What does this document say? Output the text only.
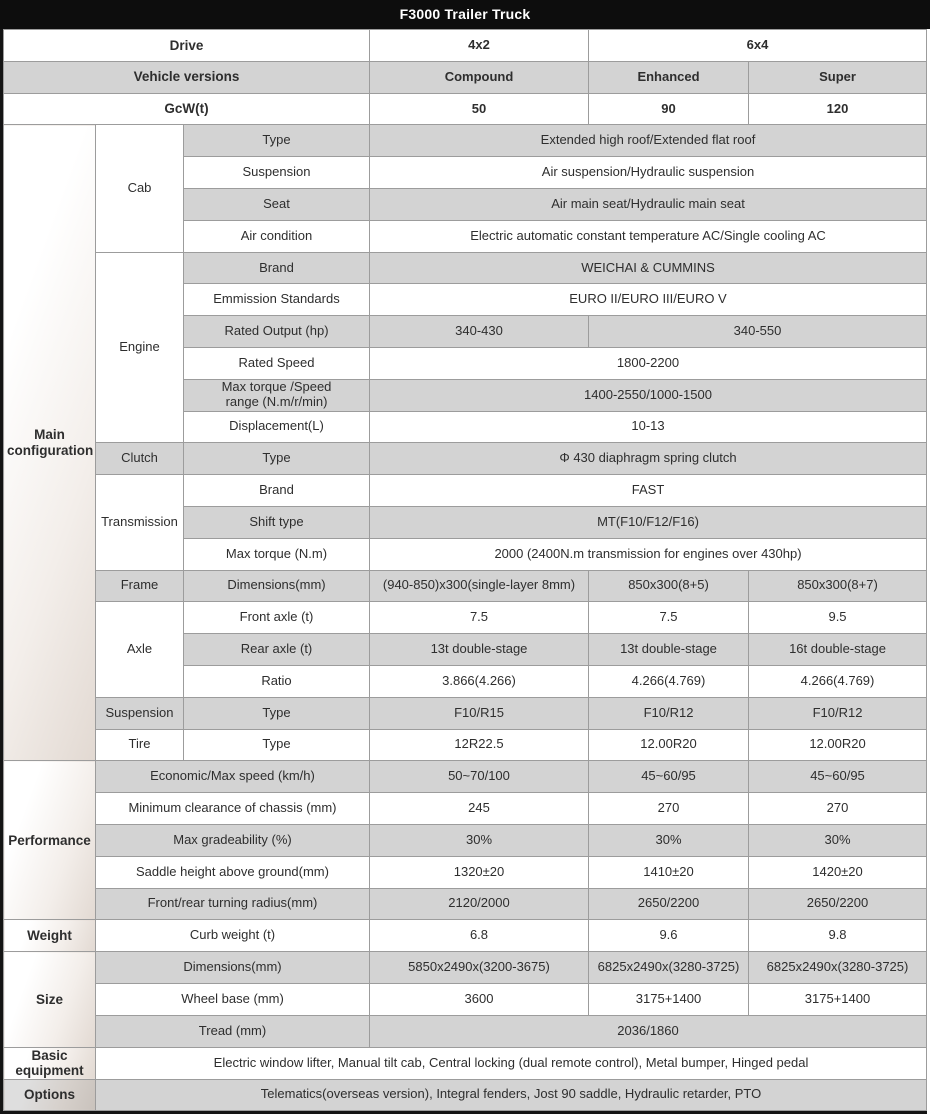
F3000 Trailer Truck
Drive			4x2	6x4	
Vehicle versions			Compound	Enhanced	Super
GcW(t)			50	90	120
Main configuration	Cab	Type	Extended high roof/Extended flat roof		
		Suspension	Air suspension/Hydraulic suspension		
		Seat	Air main seat/Hydraulic main seat		
		Air condition	Electric automatic constant temperature AC/Single cooling AC		
	Engine	Brand	WEICHAI & CUMMINS		
		Emmission Standards	EURO II/EURO III/EURO V		
		Rated Output (hp)	340-430	340-550	
		Rated Speed	1800-2200		
		Max torque /Speed range (N.m/r/min)	1400-2550/1000-1500		
		Displacement(L)	10-13		
	Clutch	Type	Φ 430 diaphragm spring clutch		
	Transmission	Brand	FAST		
		Shift type	MT(F10/F12/F16)		
		Max torque (N.m)	2000 (2400N.m transmission for engines over 430hp)		
	Frame	Dimensions(mm)	(940-850)x300(single-layer 8mm)	850x300(8+5)	850x300(8+7)
	Axle	Front axle (t)	7.5	7.5	9.5
		Rear axle (t)	13t double-stage	13t double-stage	16t double-stage
		Ratio	3.866(4.266)	4.266(4.769)	4.266(4.769)
	Suspension	Type	F10/R15	F10/R12	F10/R12
	Tire	Type	12R22.5	12.00R20	12.00R20
Performance	Economic/Max speed (km/h)		50~70/100	45~60/95	45~60/95
	Minimum clearance of chassis (mm)		245	270	270
	Max gradeability (%)		30%	30%	30%
	Saddle height above ground(mm)		1320±20	1410±20	1420±20
	Front/rear turning radius(mm)		2120/2000	2650/2200	2650/2200
Weight	Curb weight (t)		6.8	9.6	9.8
Size	Dimensions(mm)		5850x2490x(3200-3675)	6825x2490x(3280-3725)	6825x2490x(3280-3725)
	Wheel base (mm)		3600	3175+1400	3175+1400
	Tread (mm)		2036/1860		
Basic equipment	Electric window lifter, Manual tilt cab, Central locking (dual remote control), Metal bumper, Hinged pedal				
Options	Telematics(overseas version), Integral fenders, Jost 90 saddle, Hydraulic retarder, PTO				
